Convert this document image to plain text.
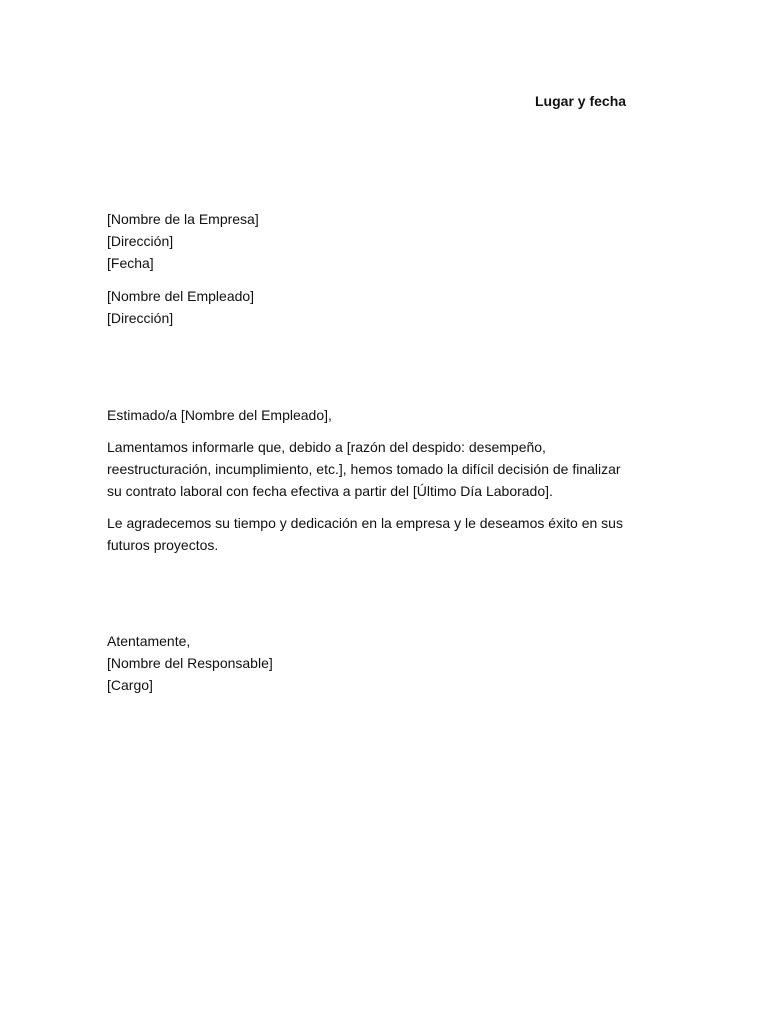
Lugar y fecha
[Nombre de la Empresa]
[Dirección]
[Fecha]
[Nombre del Empleado]
[Dirección]
Estimado/a [Nombre del Empleado],
Lamentamos informarle que, debido a [razón del despido: desempeño,
reestructuración, incumplimiento, etc.], hemos tomado la difícil decisión de finalizar
su contrato laboral con fecha efectiva a partir del [Último Día Laborado].
Le agradecemos su tiempo y dedicación en la empresa y le deseamos éxito en sus
futuros proyectos.
Atentamente,
[Nombre del Responsable]
[Cargo]
